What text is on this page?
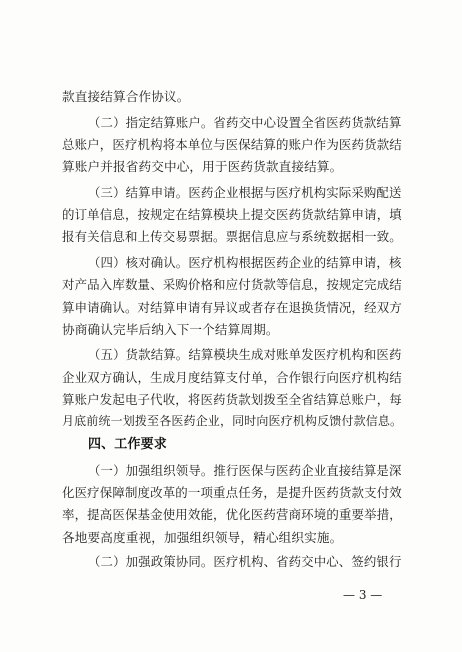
款直接结算合作协议。
（二）指定结算账户。省药交中心设置全省医药货款结算
总账户，医疗机构将本单位与医保结算的账户作为医药货款结
算账户并报省药交中心，用于医药货款直接结算。
（三）结算申请。医药企业根据与医疗机构实际采购配送
的订单信息，按规定在结算模块上提交医药货款结算申请，填
报有关信息和上传交易票据。票据信息应与系统数据相一致。
（四）核对确认。医疗机构根据医药企业的结算申请，核
对产品入库数量、采购价格和应付货款等信息，按规定完成结
算申请确认。对结算申请有异议或者存在退换货情况，经双方
协商确认完毕后纳入下一个结算周期。
（五）货款结算。结算模块生成对账单发医疗机构和医药
企业双方确认，生成月度结算支付单，合作银行向医疗机构结
算账户发起电子代收，将医药货款划拨至全省结算总账户，每
月底前统一划拨至各医药企业，同时向医疗机构反馈付款信息。
四、工作要求
（一）加强组织领导。推行医保与医药企业直接结算是深
化医疗保障制度改革的一项重点任务，是提升医药货款支付效
率，提高医保基金使用效能，优化医药营商环境的重要举措，
各地要高度重视，加强组织领导，精心组织实施。
（二）加强政策协同。医疗机构、省药交中心、签约银行
— 3 —
